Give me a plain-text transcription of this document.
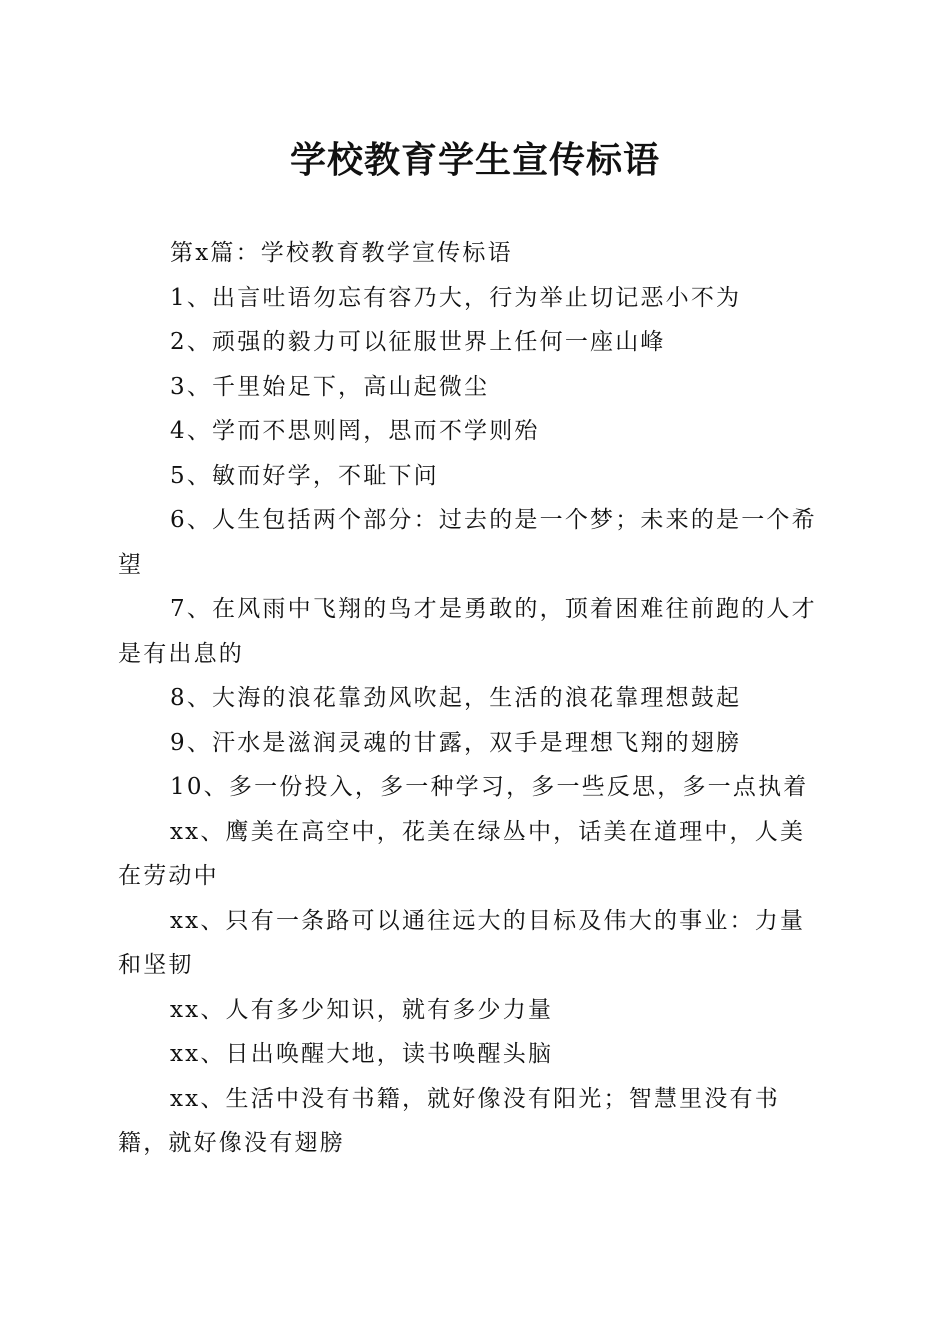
学校教育学生宣传标语

第x篇：学校教育教学宣传标语

1、出言吐语勿忘有容乃大，行为举止切记恶小不为

2、顽强的毅力可以征服世界上任何一座山峰

3、千里始足下，高山起微尘

4、学而不思则罔，思而不学则殆

5、敏而好学，不耻下问

6、人生包括两个部分：过去的是一个梦；未来的是一个希望

7、在风雨中飞翔的鸟才是勇敢的，顶着困难往前跑的人才是有出息的

8、大海的浪花靠劲风吹起，生活的浪花靠理想鼓起

9、汗水是滋润灵魂的甘露，双手是理想飞翔的翅膀

10、多一份投入，多一种学习，多一些反思，多一点执着

xx、鹰美在高空中，花美在绿丛中，话美在道理中，人美在劳动中

xx、只有一条路可以通往远大的目标及伟大的事业：力量和坚韧

xx、人有多少知识，就有多少力量

xx、日出唤醒大地，读书唤醒头脑

xx、生活中没有书籍，就好像没有阳光；智慧里没有书籍，就好像没有翅膀
